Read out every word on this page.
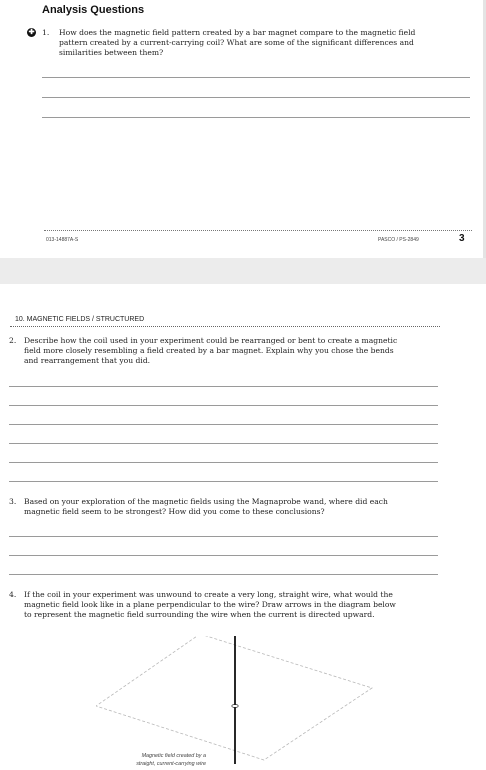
Analysis Questions
✚ 1. How does the magnetic field pattern created by a bar magnet compare to the magnetic field
pattern created by a current-carrying coil? What are some of the significant differences and
similarities between them?
013-14887A-S	PASCO / PS-2849	3
10. MAGNETIC FIELDS / STRUCTURED
2. Describe how the coil used in your experiment could be rearranged or bent to create a magnetic
field more closely resembling a field created by a bar magnet. Explain why you chose the bends
and rearrangement that you did.
3. Based on your exploration of the magnetic fields using the Magnaprobe wand, where did each
magnetic field seem to be strongest? How did you come to these conclusions?
4. If the coil in your experiment was unwound to create a very long, straight wire, what would the
magnetic field look like in a plane perpendicular to the wire? Draw arrows in the diagram below
to represent the magnetic field surrounding the wire when the current is directed upward.
Magnetic field created by a
straight, current-carrying wire
